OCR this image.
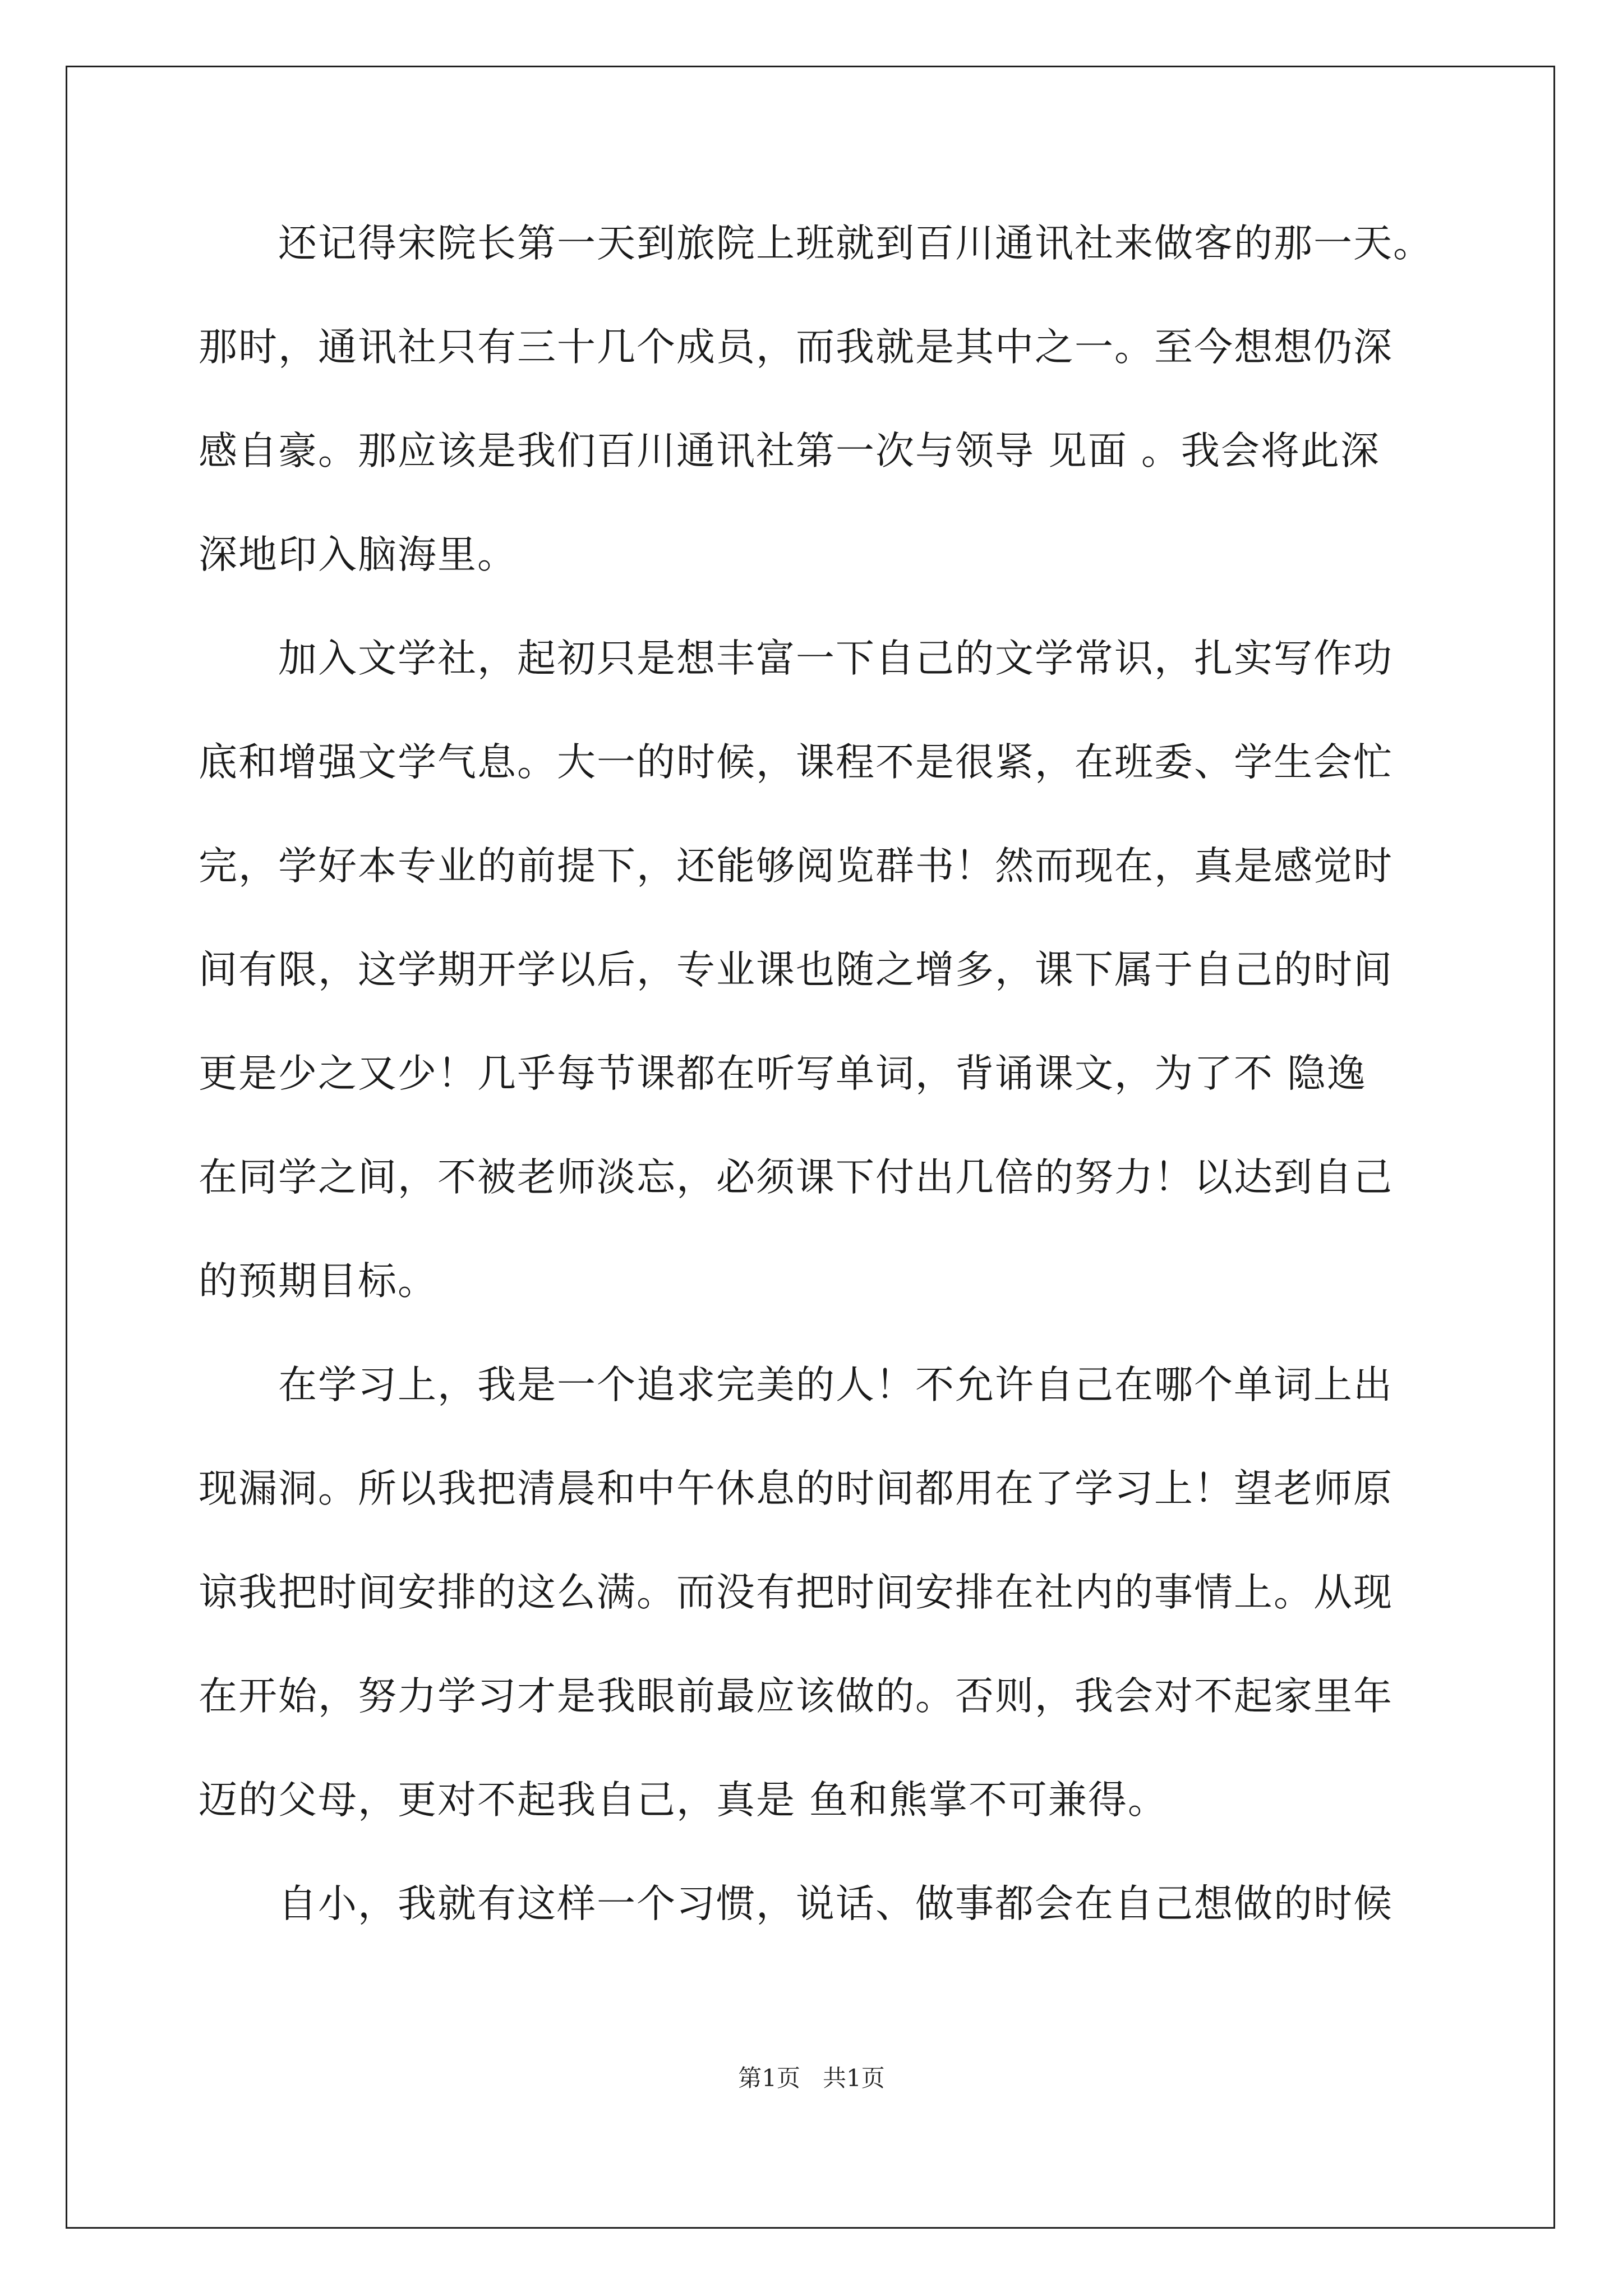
　　还记得宋院长第一天到旅院上班就到百川通讯社来做客的那一天。
那时，通讯社只有三十几个成员，而我就是其中之一。至今想想仍深
感自豪。那应该是我们百川通讯社第一次与领导 见面 。我会将此深
深地印入脑海里。
　　加入文学社，起初只是想丰富一下自己的文学常识，扎实写作功
底和增强文学气息。大一的时候，课程不是很紧，在班委、学生会忙
完，学好本专业的前提下，还能够阅览群书！然而现在，真是感觉时
间有限，这学期开学以后，专业课也随之增多，课下属于自己的时间
更是少之又少！几乎每节课都在听写单词，背诵课文，为了不 隐逸
在同学之间，不被老师淡忘，必须课下付出几倍的努力！以达到自己
的预期目标。
　　在学习上，我是一个追求完美的人！不允许自己在哪个单词上出
现漏洞。所以我把清晨和中午休息的时间都用在了学习上！望老师原
谅我把时间安排的这么满。而没有把时间安排在社内的事情上。从现
在开始，努力学习才是我眼前最应该做的。否则，我会对不起家里年
迈的父母，更对不起我自己，真是 鱼和熊掌不可兼得。
　　自小，我就有这样一个习惯，说话、做事都会在自己想做的时候
第1页   共1页
